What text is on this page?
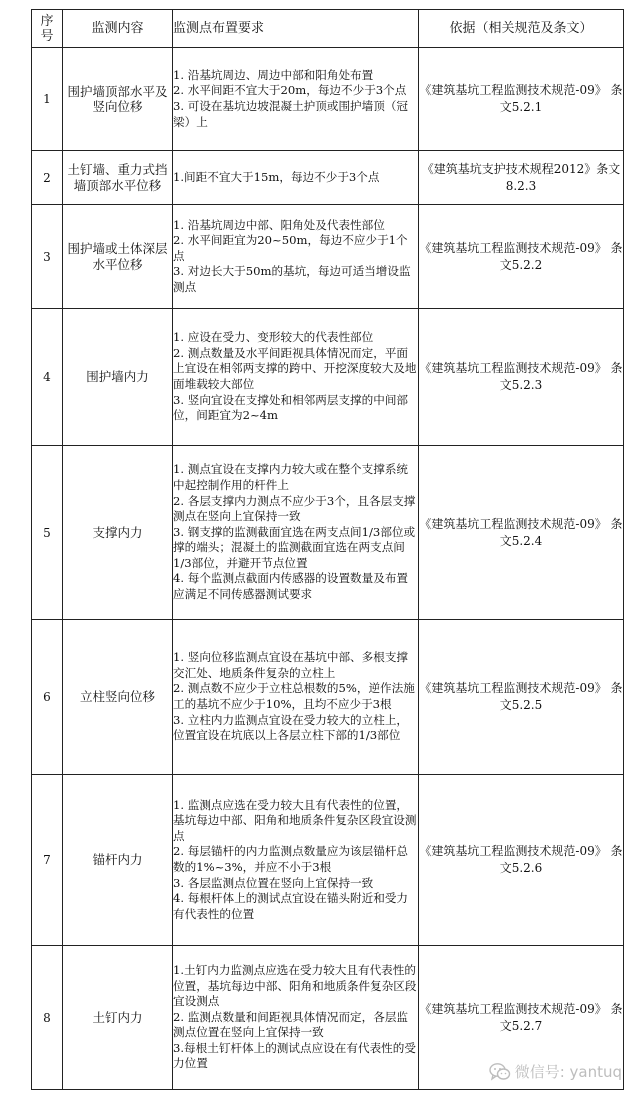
序
号	监测内容	监测点布置要求	依据（相关规范及条文）
1	围护墙顶部水平及竖向位移	1. 沿基坑周边、周边中部和阳角处布置
2. 水平间距不宜大于20m，每边不少于3个点
3. 可设在基坑边坡混凝土护顶或围护墙顶（冠梁）上	《建筑基坑工程监测技术规范-09》 条文5.2.1
2	土钉墙、重力式挡墙顶部水平位移	1.间距不宜大于15m，每边不少于3个点	《建筑基坑支护技术规程2012》条文8.2.3
3	围护墙或土体深层水平位移	1. 沿基坑周边中部、阳角处及代表性部位
2. 水平间距宜为20~50m，每边不应少于1个点
3. 对边长大于50m的基坑，每边可适当增设监测点	《建筑基坑工程监测技术规范-09》 条文5.2.2
4	围护墙内力	1. 应设在受力、变形较大的代表性部位
2. 测点数量及水平间距视具体情况而定，平面上宜设在相邻两支撑的跨中、开挖深度较大及地面堆载较大部位
3. 竖向宜设在支撑处和相邻两层支撑的中间部位，间距宜为2~4m	《建筑基坑工程监测技术规范-09》 条文5.2.3
5	支撑内力	1. 测点宜设在支撑内力较大或在整个支撑系统中起控制作用的杆件上
2. 各层支撑内力测点不应少于3个，且各层支撑测点在竖向上宜保持一致
3. 钢支撑的监测截面宜选在两支点间1/3部位或撑的端头；混凝土的监测截面宜选在两支点间1/3部位，并避开节点位置
4. 每个监测点截面内传感器的设置数量及布置应满足不同传感器测试要求	《建筑基坑工程监测技术规范-09》 条文5.2.4
6	立柱竖向位移	1. 竖向位移监测点宜设在基坑中部、多根支撑交汇处、地质条件复杂的立柱上
2. 测点数不应少于立柱总根数的5%，逆作法施工的基坑不应少于10%，且均不应少于3根
3. 立柱内力监测点宜设在受力较大的立柱上，位置宜设在坑底以上各层立柱下部的1/3部位	《建筑基坑工程监测技术规范-09》 条文5.2.5
7	锚杆内力	1. 监测点应选在受力较大且有代表性的位置，基坑每边中部、阳角和地质条件复杂区段宜设测点
2. 每层锚杆的内力监测点数量应为该层锚杆总数的1%~3%，并应不小于3根
3. 各层监测点位置在竖向上宜保持一致
4. 每根杆体上的测试点宜设在锚头附近和受力有代表性的位置	《建筑基坑工程监测技术规范-09》 条文5.2.6
8	土钉内力	1.土钉内力监测点应选在受力较大且有代表性的位置，基坑每边中部、阳角和地质条件复杂区段宜设测点
2. 监测点数量和间距视具体情况而定，各层监测点位置在竖向上宜保持一致
3.每根土钉杆体上的测试点应设在有代表性的受力位置	《建筑基坑工程监测技术规范-09》 条文5.2.7
微信号: yantuq
